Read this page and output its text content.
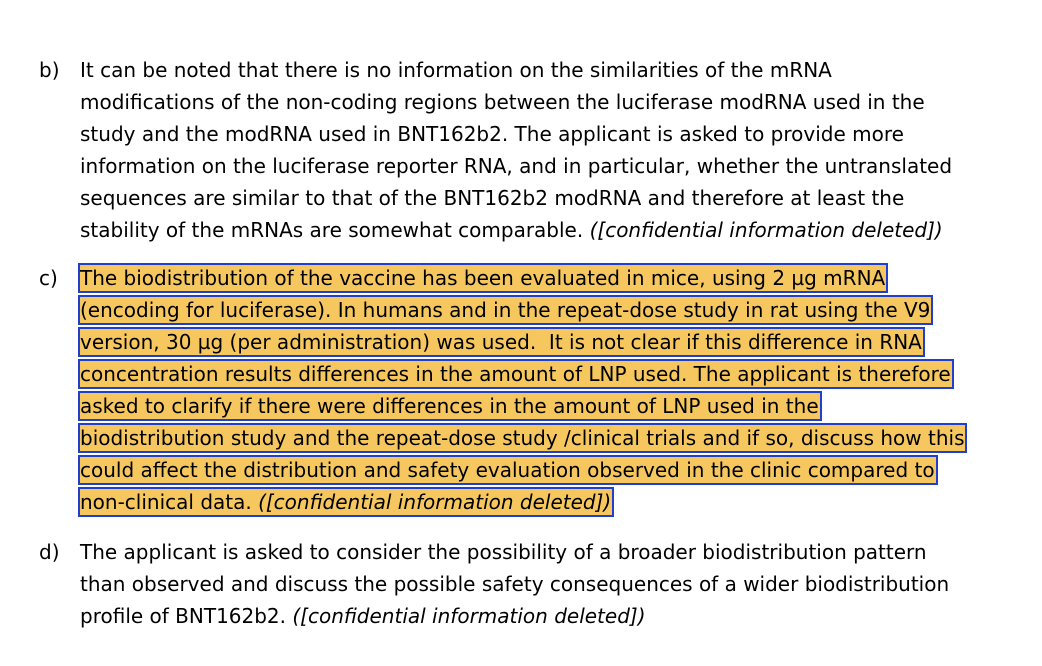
b) It can be noted that there is no information on the similarities of the mRNA
modifications of the non-coding regions between the luciferase modRNA used in the
study and the modRNA used in BNT162b2. The applicant is asked to provide more
information on the luciferase reporter RNA, and in particular, whether the untranslated
sequences are similar to that of the BNT162b2 modRNA and therefore at least the
stability of the mRNAs are somewhat comparable. ([confidential information deleted])
c) The biodistribution of the vaccine has been evaluated in mice, using 2 µg mRNA
(encoding for luciferase). In humans and in the repeat-dose study in rat using the V9
version, 30 µg (per administration) was used.  It is not clear if this difference in RNA
concentration results differences in the amount of LNP used. The applicant is therefore
asked to clarify if there were differences in the amount of LNP used in the
biodistribution study and the repeat-dose study /clinical trials and if so, discuss how this
could affect the distribution and safety evaluation observed in the clinic compared to
non-clinical data. ([confidential information deleted])
d) The applicant is asked to consider the possibility of a broader biodistribution pattern
than observed and discuss the possible safety consequences of a wider biodistribution
profile of BNT162b2. ([confidential information deleted])
